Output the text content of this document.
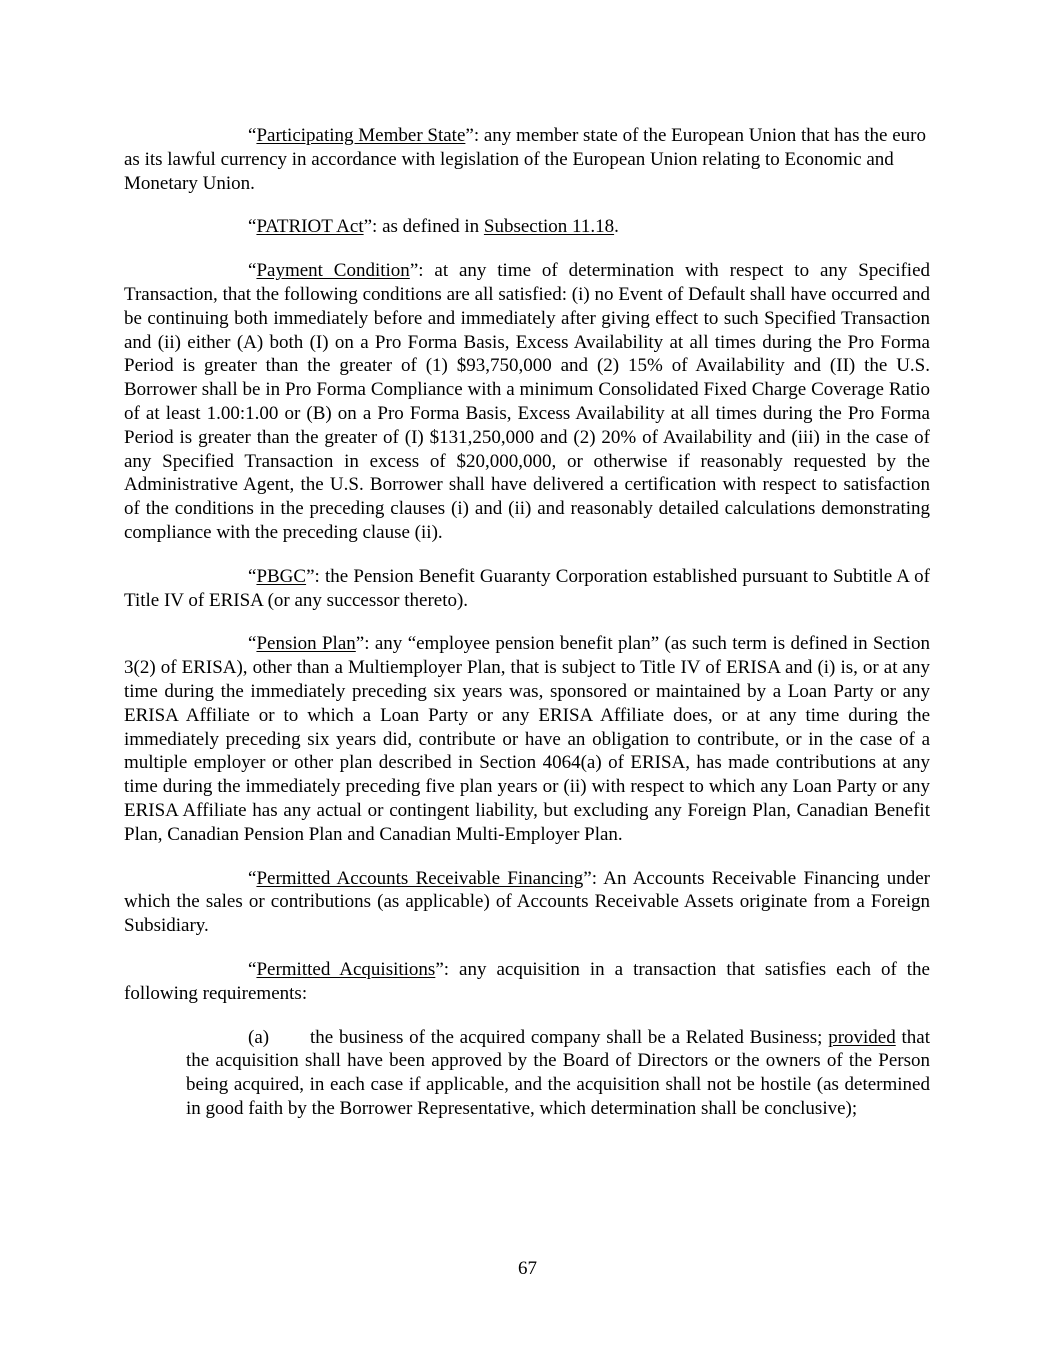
“Participating Member State”: any member state of the European Union that has the euro as its lawful currency in accordance with legislation of the European Union relating to Economic and Monetary Union.

“PATRIOT Act”: as defined in Subsection 11.18.

“Payment Condition”: at any time of determination with respect to any Specified Transaction, that the following conditions are all satisfied: (i) no Event of Default shall have occurred and be continuing both immediately before and immediately after giving effect to such Specified Transaction and (ii) either (A) both (I) on a Pro Forma Basis, Excess Availability at all times during the Pro Forma Period is greater than the greater of (1) $93,750,000 and (2) 15% of Availability and (II) the U.S. Borrower shall be in Pro Forma Compliance with a minimum Consolidated Fixed Charge Coverage Ratio of at least 1.00:1.00 or (B) on a Pro Forma Basis, Excess Availability at all times during the Pro Forma Period is greater than the greater of (I) $131,250,000 and (2) 20% of Availability and (iii) in the case of any Specified Transaction in excess of $20,000,000, or otherwise if reasonably requested by the Administrative Agent, the U.S. Borrower shall have delivered a certification with respect to satisfaction of the conditions in the preceding clauses (i) and (ii) and reasonably detailed calculations demonstrating compliance with the preceding clause (ii).

“PBGC”: the Pension Benefit Guaranty Corporation established pursuant to Subtitle A of Title IV of ERISA (or any successor thereto).

“Pension Plan”: any “employee pension benefit plan” (as such term is defined in Section 3(2) of ERISA), other than a Multiemployer Plan, that is subject to Title IV of ERISA and (i) is, or at any time during the immediately preceding six years was, sponsored or maintained by a Loan Party or any ERISA Affiliate or to which a Loan Party or any ERISA Affiliate does, or at any time during the immediately preceding six years did, contribute or have an obligation to contribute, or in the case of a multiple employer or other plan described in Section 4064(a) of ERISA, has made contributions at any time during the immediately preceding five plan years or (ii) with respect to which any Loan Party or any ERISA Affiliate has any actual or contingent liability, but excluding any Foreign Plan, Canadian Benefit Plan, Canadian Pension Plan and Canadian Multi-Employer Plan.

“Permitted Accounts Receivable Financing”: An Accounts Receivable Financing under which the sales or contributions (as applicable) of Accounts Receivable Assets originate from a Foreign Subsidiary.

“Permitted Acquisitions”: any acquisition in a transaction that satisfies each of the following requirements:

(a) the business of the acquired company shall be a Related Business; provided that the acquisition shall have been approved by the Board of Directors or the owners of the Person being acquired, in each case if applicable, and the acquisition shall not be hostile (as determined in good faith by the Borrower Representative, which determination shall be conclusive);

67
